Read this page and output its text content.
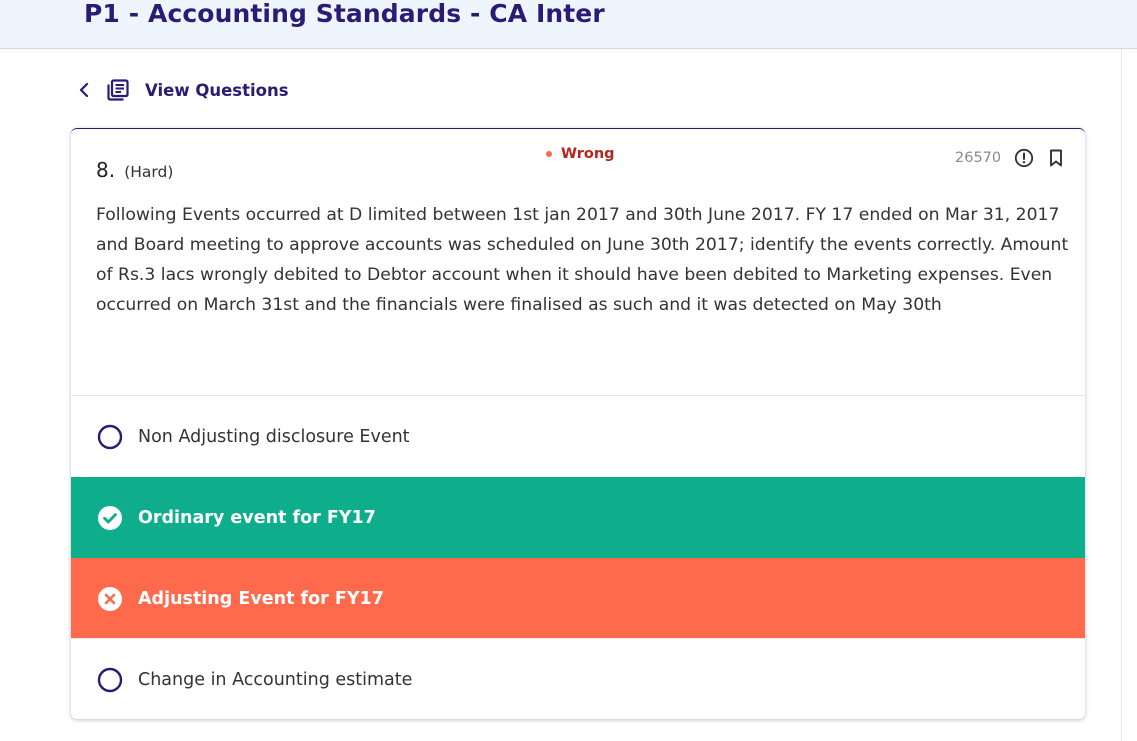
P1 - Accounting Standards - CA Inter
View Questions
8. (Hard)
Wrong	26570
Following Events occurred at D limited between 1st jan 2017 and 30th June 2017. FY 17 ended on Mar 31, 2017 and Board meeting to approve accounts was scheduled on June 30th 2017; identify the events correctly. Amount of Rs.3 lacs wrongly debited to Debtor account when it should have been debited to Marketing expenses. Even occurred on March 31st and the financials were finalised as such and it was detected on May 30th
Non Adjusting disclosure Event
Ordinary event for FY17
Adjusting Event for FY17
Change in Accounting estimate
